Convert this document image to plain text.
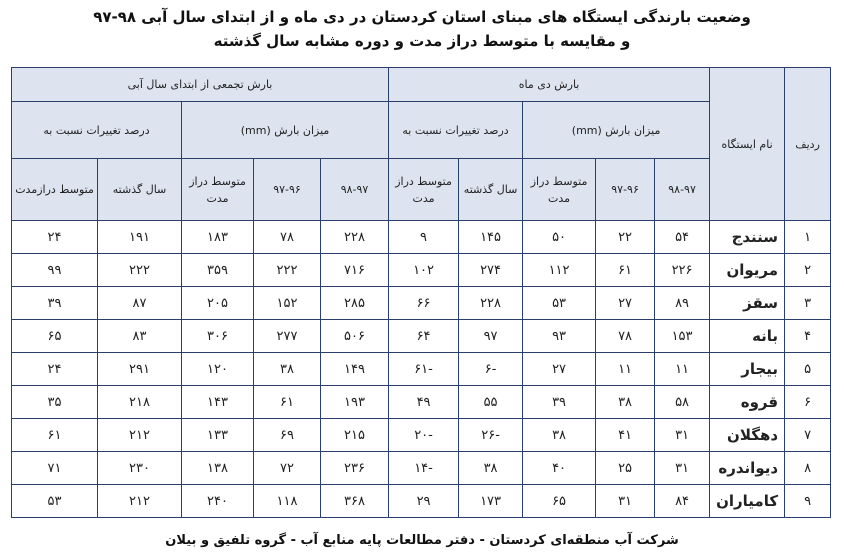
وضعیت بارندگی ایستگاه های مبنای استان کردستان در دی ماه و از ابتدای سال آبی ۹۸-۹۷
و مقایسه با متوسط دراز مدت و دوره مشابه سال گذشته
ردیف	نام ایستگاه	بارش دی ماه					بارش تجمعی از ابتدای سال آبی				
		میزان بارش (mm)			درصد تغییرات نسبت به		میزان بارش (mm)			درصد تغییرات نسبت به	
		۹۸-۹۷	۹۷-۹۶	متوسط دراز مدت	سال گذشته	متوسط دراز مدت	۹۸-۹۷	۹۷-۹۶	متوسط دراز مدت	سال گذشته	متوسط درازمدت
۱	سنندج	۵۴	۲۲	۵۰	۱۴۵	۹	۲۲۸	۷۸	۱۸۳	۱۹۱	۲۴
۲	مریوان	۲۲۶	۶۱	۱۱۲	۲۷۴	۱۰۲	۷۱۶	۲۲۲	۳۵۹	۲۲۲	۹۹
۳	سقز	۸۹	۲۷	۵۳	۲۲۸	۶۶	۲۸۵	۱۵۲	۲۰۵	۸۷	۳۹
۴	بانه	۱۵۳	۷۸	۹۳	۹۷	۶۴	۵۰۶	۲۷۷	۳۰۶	۸۳	۶۵
۵	بیجار	۱۱	۱۱	۲۷	-۶	-۶۱	۱۴۹	۳۸	۱۲۰	۲۹۱	۲۴
۶	قروه	۵۸	۳۸	۳۹	۵۵	۴۹	۱۹۳	۶۱	۱۴۳	۲۱۸	۳۵
۷	دهگلان	۳۱	۴۱	۳۸	-۲۶	-۲۰	۲۱۵	۶۹	۱۳۳	۲۱۲	۶۱
۸	دیواندره	۳۱	۲۵	۴۰	۳۸	-۱۴	۲۳۶	۷۲	۱۳۸	۲۳۰	۷۱
۹	کامیاران	۸۴	۳۱	۶۵	۱۷۳	۲۹	۳۶۸	۱۱۸	۲۴۰	۲۱۲	۵۳
شرکت آب منطقه‌ای کردستان - دفتر مطالعات پایه منابع آب - گروه تلفیق و بیلان
